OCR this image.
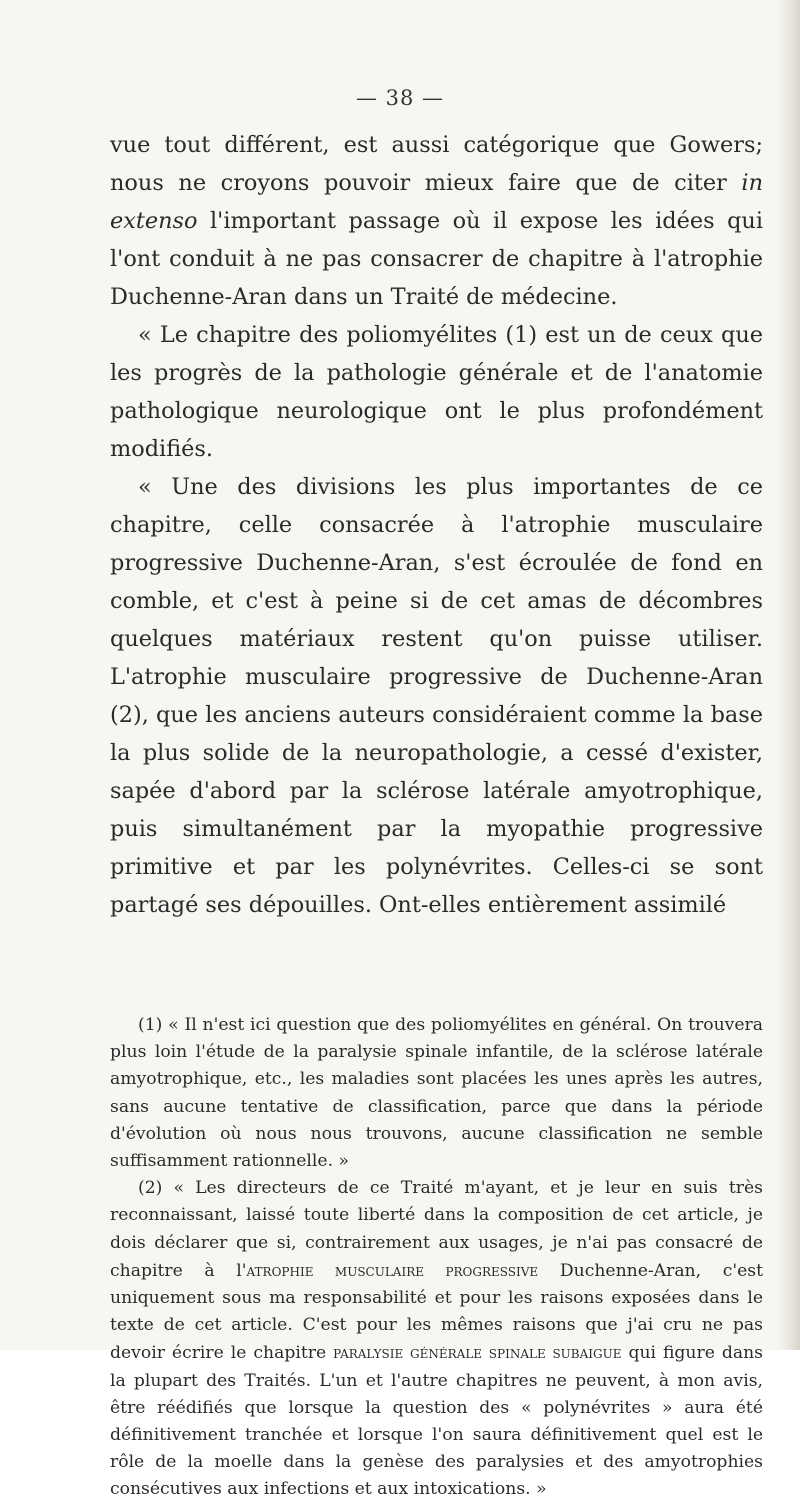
— 38 —

vue tout différent, est aussi catégorique que Gowers; nous ne croyons pouvoir mieux faire que de citer in extenso l'important passage où il expose les idées qui l'ont conduit à ne pas consacrer de chapitre à l'atrophie Duchenne-Aran dans un Traité de médecine.

« Le chapitre des poliomyélites (1) est un de ceux que les progrès de la pathologie générale et de l'anatomie pathologique neurologique ont le plus profondément modifiés.

« Une des divisions les plus importantes de ce chapitre, celle consacrée à l'atrophie musculaire progressive Duchenne-Aran, s'est écroulée de fond en comble, et c'est à peine si de cet amas de décombres quelques matériaux restent qu'on puisse utiliser. L'atrophie musculaire progressive de Duchenne-Aran (2), que les anciens auteurs considéraient comme la base la plus solide de la neuropathologie, a cessé d'exister, sapée d'abord par la sclérose latérale amyotrophique, puis simultanément par la myopathie progressive primitive et par les polynévrites. Celles-ci se sont partagé ses dépouilles. Ont-elles entièrement assimilé

(1) « Il n'est ici question que des poliomyélites en général. On trouvera plus loin l'étude de la paralysie spinale infantile, de la sclérose latérale amyotrophique, etc., les maladies sont placées les unes après les autres, sans aucune tentative de classification, parce que dans la période d'évolution où nous nous trouvons, aucune classification ne semble suffisamment rationnelle. »

(2) « Les directeurs de ce Traité m'ayant, et je leur en suis très reconnaissant, laissé toute liberté dans la composition de cet article, je dois déclarer que si, contrairement aux usages, je n'ai pas consacré de chapitre à l'atrophie musculaire progressive Duchenne-Aran, c'est uniquement sous ma responsabilité et pour les raisons exposées dans le texte de cet article. C'est pour les mêmes raisons que j'ai cru ne pas devoir écrire le chapitre paralysie générale spinale subaigue qui figure dans la plupart des Traités. L'un et l'autre chapitres ne peuvent, à mon avis, être réédifiés que lorsque la question des « polynévrites » aura été définitivement tranchée et lorsque l'on saura définitivement quel est le rôle de la moelle dans la genèse des paralysies et des amyotrophies consécutives aux infections et aux intoxications. »
